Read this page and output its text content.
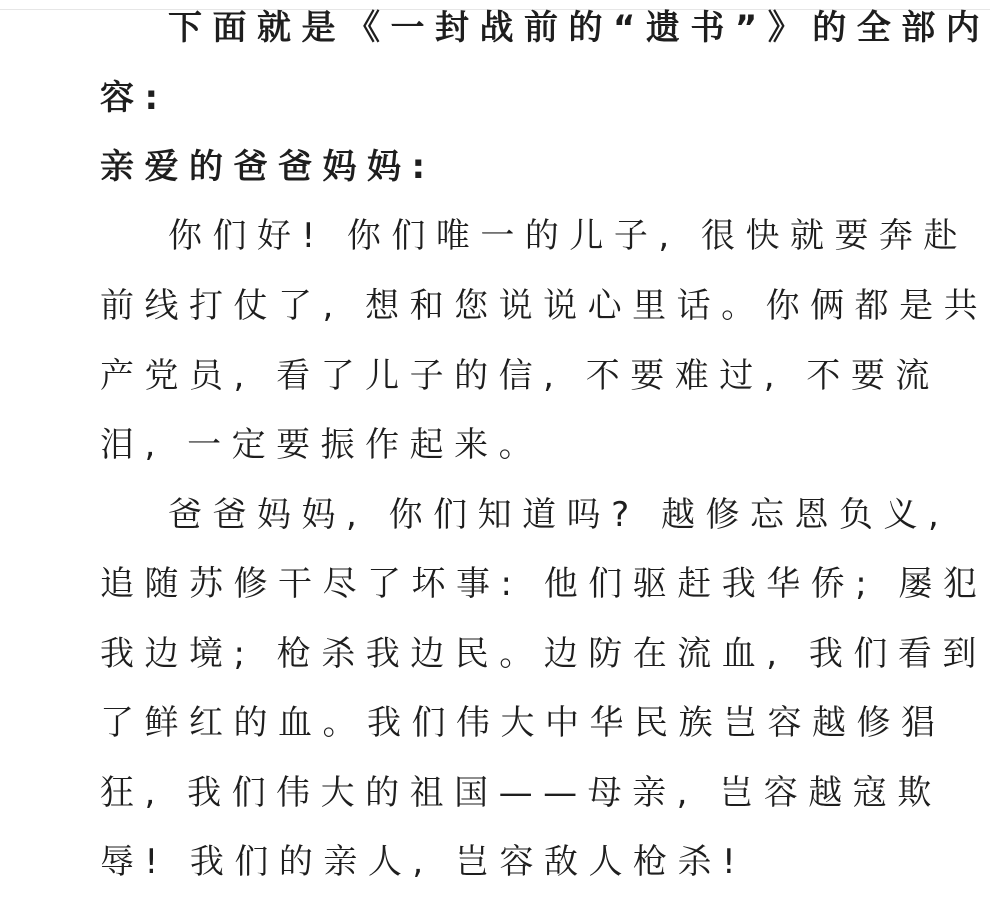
下面就是《一封战前的“遗书”》的全部内
容:
亲爱的爸爸妈妈:
你们好! 你们唯一的儿子, 很快就要奔赴
前线打仗了, 想和您说说心里话。你俩都是共
产党员, 看了儿子的信, 不要难过, 不要流
泪, 一定要振作起来。
爸爸妈妈, 你们知道吗? 越修忘恩负义,
追随苏修干尽了坏事: 他们驱赶我华侨; 屡犯
我边境; 枪杀我边民。边防在流血, 我们看到
了鲜红的血。我们伟大中华民族岂容越修猖
狂, 我们伟大的祖国——母亲, 岂容越寇欺
辱! 我们的亲人, 岂容敌人枪杀!
